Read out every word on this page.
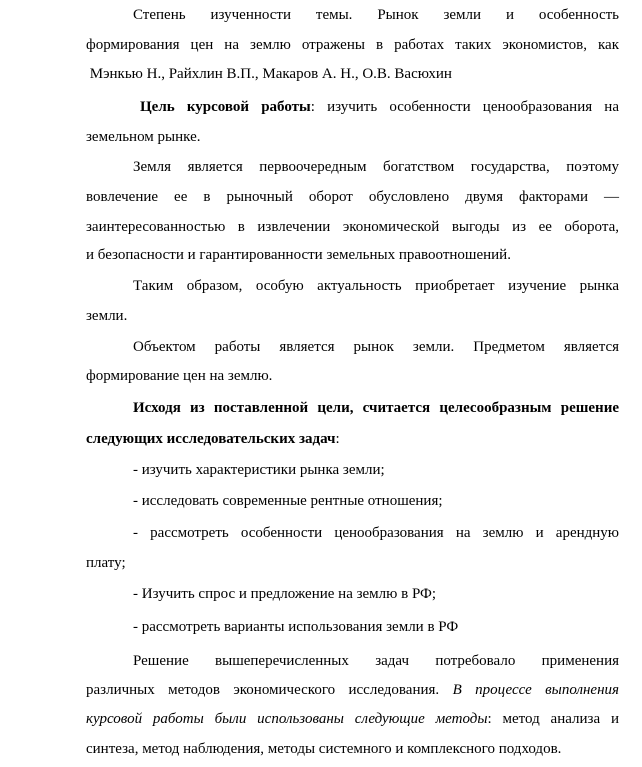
Степень изученности темы. Рынок земли и особенность
формирования цен на землю отражены в работах таких экономистов, как
Мэнкью Н., Райхлин В.П., Макаров А. Н., О.В. Васюхин
Цель курсовой работы: изучить особенности ценообразования на
земельном рынке.
Земля является первоочередным богатством государства, поэтому
вовлечение ее в рыночный оборот обусловлено двумя факторами —
заинтересованностью в извлечении экономической выгоды из ее оборота,
и безопасности и гарантированности земельных правоотношений.
Таким образом, особую актуальность приобретает изучение рынка
земли.
Объектом работы является рынок земли. Предметом является
формирование цен на землю.
Исходя из поставленной цели, считается целесообразным решение
следующих исследовательских задач:
- изучить характеристики рынка земли;
- исследовать современные рентные отношения;
- рассмотреть особенности ценообразования на землю и арендную
плату;
- Изучить спрос и предложение на землю в РФ;
- рассмотреть варианты использования земли в РФ
Решение вышеперечисленных задач потребовало применения
различных методов экономического исследования. В процессе выполнения
курсовой работы были использованы следующие методы: метод анализа и
синтеза, метод наблюдения, методы системного и комплексного подходов.
